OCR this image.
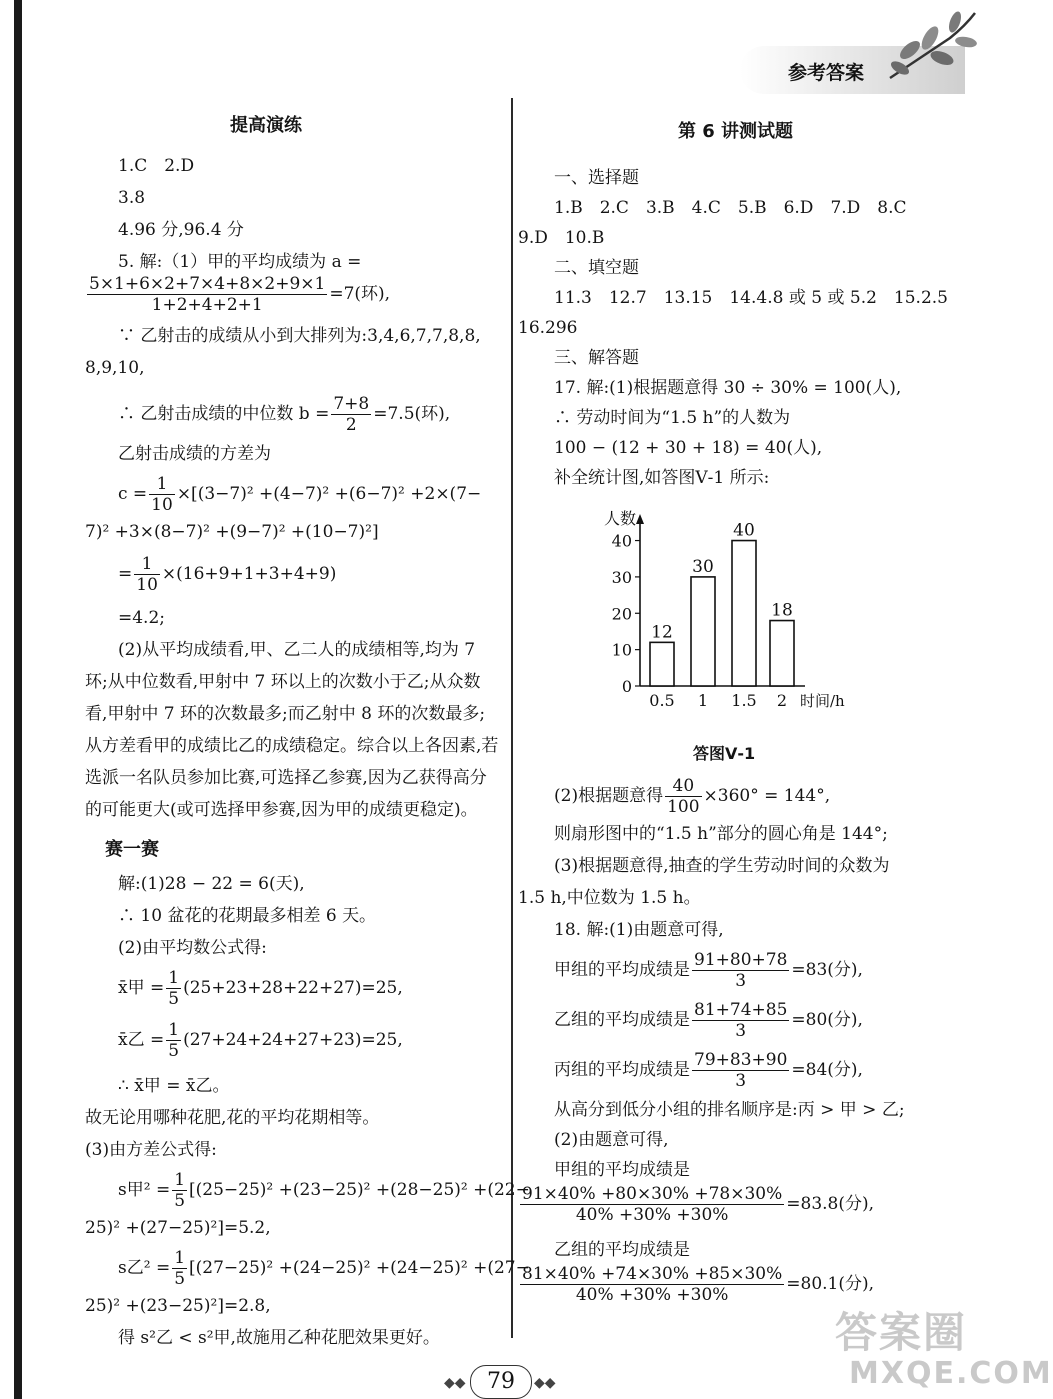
参考答案
提高演练
1.C　2.D
3.8
4.96 分,96.4 分
5. 解:（1）甲的平均成绩为 a =
$\frac{5\times 1+6\times 2+7\times 4+8\times 2+9\times 1}{1+2+4+2+1} =7$(环),
∵ 乙射击的成绩从小到大排列为:3,4,6,7,7,8,8,
8,9,10,
∴ 乙射击成绩的中位数 $b = \frac{7+8}{2} =7.5$(环),
乙射击成绩的方差为
$c = \frac{1}{10} \times[(3-7)^2 +(4-7)^2 +(6-7)^2 +2\times(7-$
7)² +3×(8−7)² +(9−7)² +(10−7)²]
= $\frac{1}{10} \times(16+9+1+3+4+9)$
=4.2;
(2)从平均成绩看,甲、乙二人的成绩相等,均为 7
环;从中位数看,甲射中 7 环以上的次数小于乙;从众数
看,甲射中 7 环的次数最多;而乙射中 8 环的次数最多;
从方差看甲的成绩比乙的成绩稳定。综合以上各因素,若
选派一名队员参加比赛,可选择乙参赛,因为乙获得高分
的可能更大(或可选择甲参赛,因为甲的成绩更稳定)。
赛一赛
解:(1)28 − 22 = 6(天),
∴ 10 盆花的花期最多相差 6 天。
(2)由平均数公式得:
x̄甲 = $\frac{1}{5} (25+23+28+22+27)=25$,
x̄乙 = $\frac{1}{5} (27+24+24+27+23)=25$,
∴ x̄甲 = x̄乙。
故无论用哪种花肥,花的平均花期相等。
(3)由方差公式得:
s甲$^2 = \frac{1}{5} [(25-25)^2 +(23-25)^2 +(28-25)^2 +(22-$
25)² +(27−25)²]=5.2,
s乙$^2 = \frac{1}{5} [(27-25)^2 +(24-25)^2 +(24-25)^2 +(27-$
25)² +(23−25)²]=2.8,
得 s²乙 < s²甲,故施用乙种花肥效果更好。
第 6 讲测试题
一、选择题
1.B　2.C　3.B　4.C　5.B　6.D　7.D　8.C
9.D　10.B
二、填空题
11.3　12.7　13.15　14.4.8 或 5 或 5.2　15.2.5
16.296
三、解答题
17. 解:(1)根据题意得 30 ÷ 30% = 100(人),
∴ 劳动时间为“1.5 h”的人数为
100 − (12 + 30 + 18) = 40(人),
补全统计图,如答图Ⅴ-1 所示:
答图Ⅴ-1
(2)根据题意得 $\frac{40}{100} \times 360^\circ = 144^\circ$,
则扇形图中的“1.5 h”部分的圆心角是 144°;
(3)根据题意得,抽查的学生劳动时间的众数为
1.5 h,中位数为 1.5 h。
18. 解:(1)由题意可得,
甲组的平均成绩是 $\frac{91+80+78}{3} =83$(分),
乙组的平均成绩是 $\frac{81+74+85}{3} =80$(分),
丙组的平均成绩是 $\frac{79+83+90}{3} =84$(分),
从高分到低分小组的排名顺序是:丙 > 甲 > 乙;
(2)由题意可得,
甲组的平均成绩是
$\frac{91\times 40\% +80\times 30\% +78\times 30\%}{40\% +30\% +30\%} =83.8$(分),
乙组的平均成绩是
$\frac{81\times 40\% +74\times 30\% +85\times 30\%}{40\% +30\% +30\%} =80.1$(分),
0
10
20
30
40
人数
12
0.5
30
1
40
1.5
18
2 时间/h
◆◆ 79	◆◆
答案圈
MXQE.COM
